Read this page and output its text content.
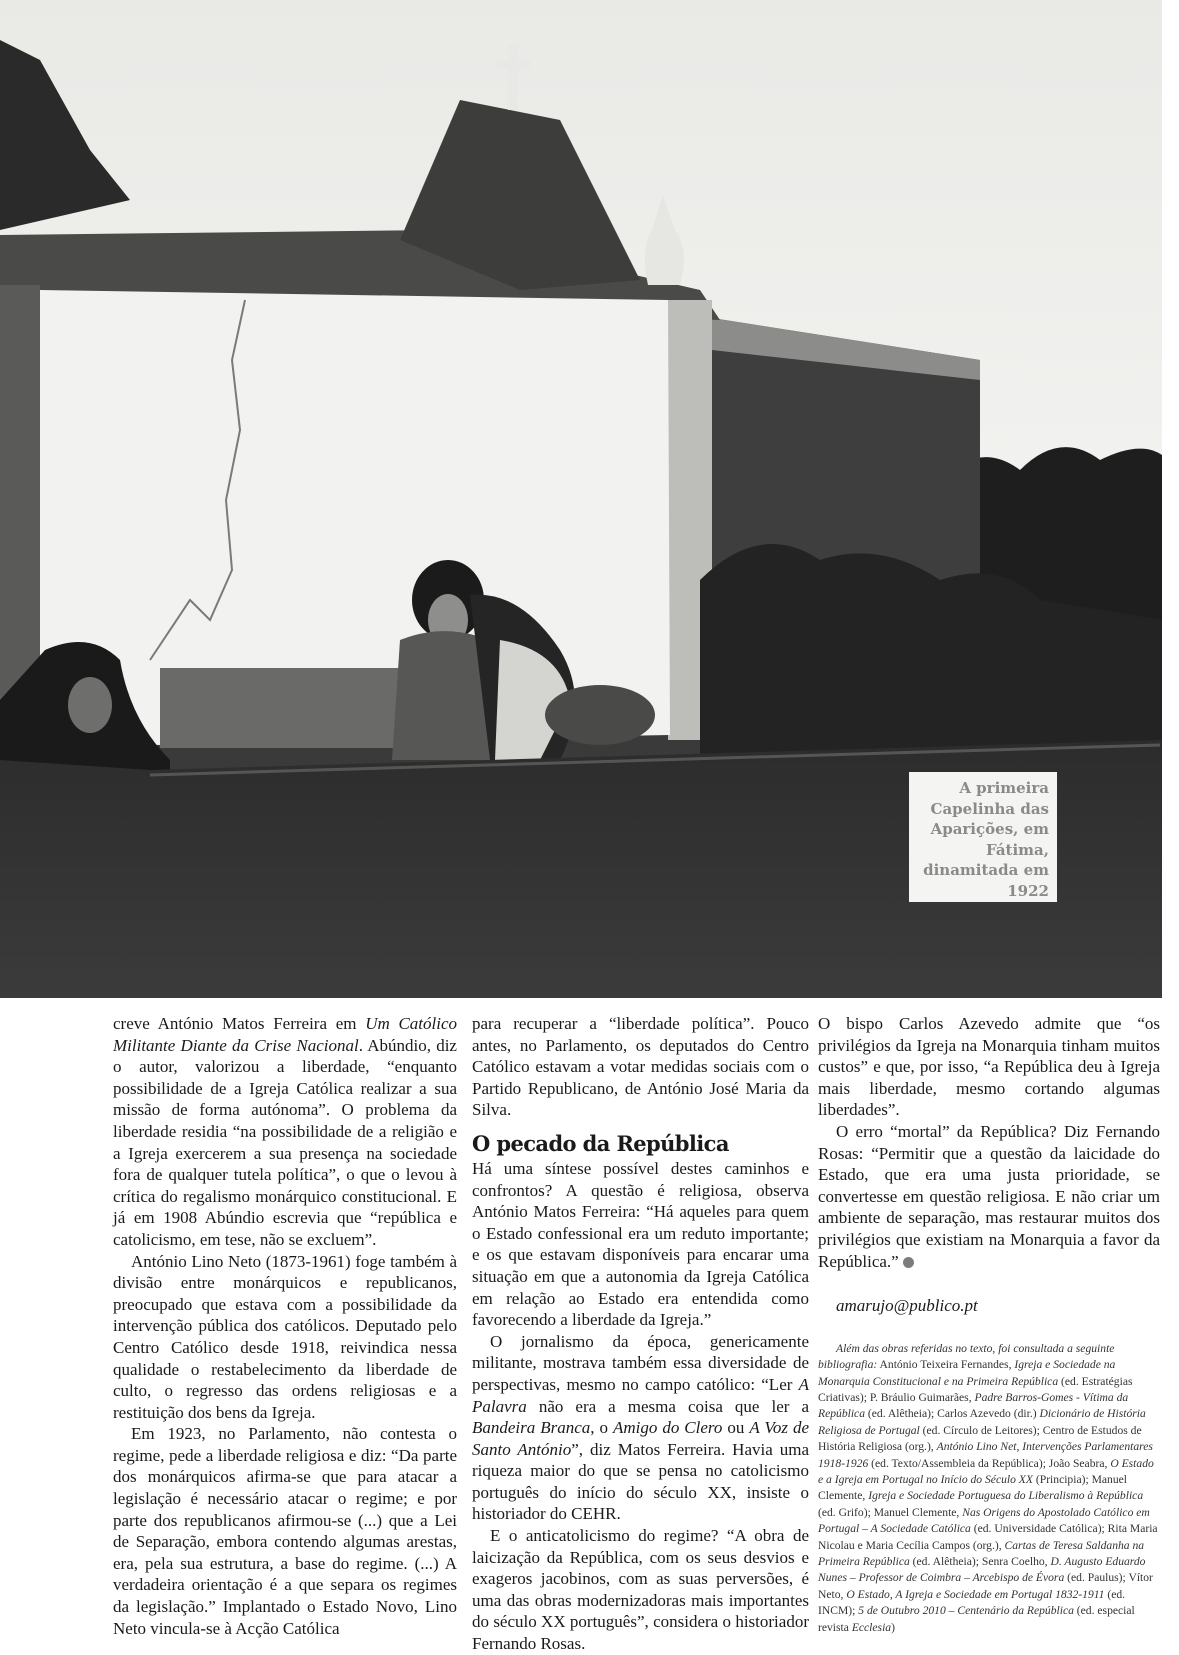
A primeira Capelinha das Aparições, em Fátima, dinamitada em 1922

creve António Matos Ferreira em Um Católico Militante Diante da Crise Nacional. Abúndio, diz o autor, valorizou a liberdade, “enquanto possibilidade de a Igreja Católica realizar a sua missão de forma autónoma”. O problema da liberdade residia “na possibilidade de a religião e a Igreja exercerem a sua presença na sociedade fora de qualquer tutela política”, o que o levou à crítica do regalismo monárquico constitucional. E já em 1908 Abúndio escrevia que “república e catolicismo, em tese, não se excluem”.

António Lino Neto (1873-1961) foge também à divisão entre monárquicos e republicanos, preocupado que estava com a possibilidade da intervenção pública dos católicos. Deputado pelo Centro Católico desde 1918, reivindica nessa qualidade o restabelecimento da liberdade de culto, o regresso das ordens religiosas e a restituição dos bens da Igreja.

Em 1923, no Parlamento, não contesta o regime, pede a liberdade religiosa e diz: “Da parte dos monárquicos afirma-se que para atacar a legislação é necessário atacar o regime; e por parte dos republicanos afirmou-se (...) que a Lei de Separação, embora contendo algumas arestas, era, pela sua estrutura, a base do regime. (...) A verdadeira orientação é a que separa os regimes da legislação.” Implantado o Estado Novo, Lino Neto vincula-se à Acção Católica

para recuperar a “liberdade política”. Pouco antes, no Parlamento, os deputados do Centro Católico estavam a votar medidas sociais com o Partido Republicano, de António José Maria da Silva.

O pecado da República

Há uma síntese possível destes caminhos e confrontos? A questão é religiosa, observa António Matos Ferreira: “Há aqueles para quem o Estado confessional era um reduto importante; e os que estavam disponíveis para encarar uma situação em que a autonomia da Igreja Católica em relação ao Estado era entendida como favorecendo a liberdade da Igreja.”

O jornalismo da época, genericamente militante, mostrava também essa diversidade de perspectivas, mesmo no campo católico: “Ler A Palavra não era a mesma coisa que ler a Bandeira Branca, o Amigo do Clero ou A Voz de Santo António”, diz Matos Ferreira. Havia uma riqueza maior do que se pensa no catolicismo português do início do século XX, insiste o historiador do CEHR.

E o anticatolicismo do regime? “A obra de laicização da República, com os seus desvios e exageros jacobinos, com as suas perversões, é uma das obras modernizadoras mais importantes do século XX português”, considera o historiador Fernando Rosas.

O bispo Carlos Azevedo admite que “os privilégios da Igreja na Monarquia tinham muitos custos” e que, por isso, “a República deu à Igreja mais liberdade, mesmo cortando algumas liberdades”.

O erro “mortal” da República? Diz Fernando Rosas: “Permitir que a questão da laicidade do Estado, que era uma justa prioridade, se convertesse em questão religiosa. E não criar um ambiente de separação, mas restaurar muitos dos privilégios que existiam na Monarquia a favor da República.”

amarujo@publico.pt

Além das obras referidas no texto, foi consultada a seguinte bibliografia: António Teixeira Fernandes, Igreja e Sociedade na Monarquia Constitucional e na Primeira República (ed. Estratégias Criativas); P. Bráulio Guimarães, Padre Barros-Gomes - Vítima da República (ed. Alêtheia); Carlos Azevedo (dir.) Dicionário de História Religiosa de Portugal (ed. Círculo de Leitores); Centro de Estudos de História Religiosa (org.), António Lino Net, Intervenções Parlamentares 1918-1926 (ed. Texto/Assembleia da República); João Seabra, O Estado e a Igreja em Portugal no Início do Século XX (Principia); Manuel Clemente, Igreja e Sociedade Portuguesa do Liberalismo à República (ed. Grifo); Manuel Clemente, Nas Origens do Apostolado Católico em Portugal – A Sociedade Católica (ed. Universidade Católica); Rita Maria Nicolau e Maria Cecília Campos (org.), Cartas de Teresa Saldanha na Primeira República (ed. Alêtheia); Senra Coelho, D. Augusto Eduardo Nunes – Professor de Coimbra – Arcebispo de Évora (ed. Paulus); Vítor Neto, O Estado, A Igreja e Sociedade em Portugal 1832-1911 (ed. INCM); 5 de Outubro 2010 – Centenário da República (ed. especial revista Ecclesia)
